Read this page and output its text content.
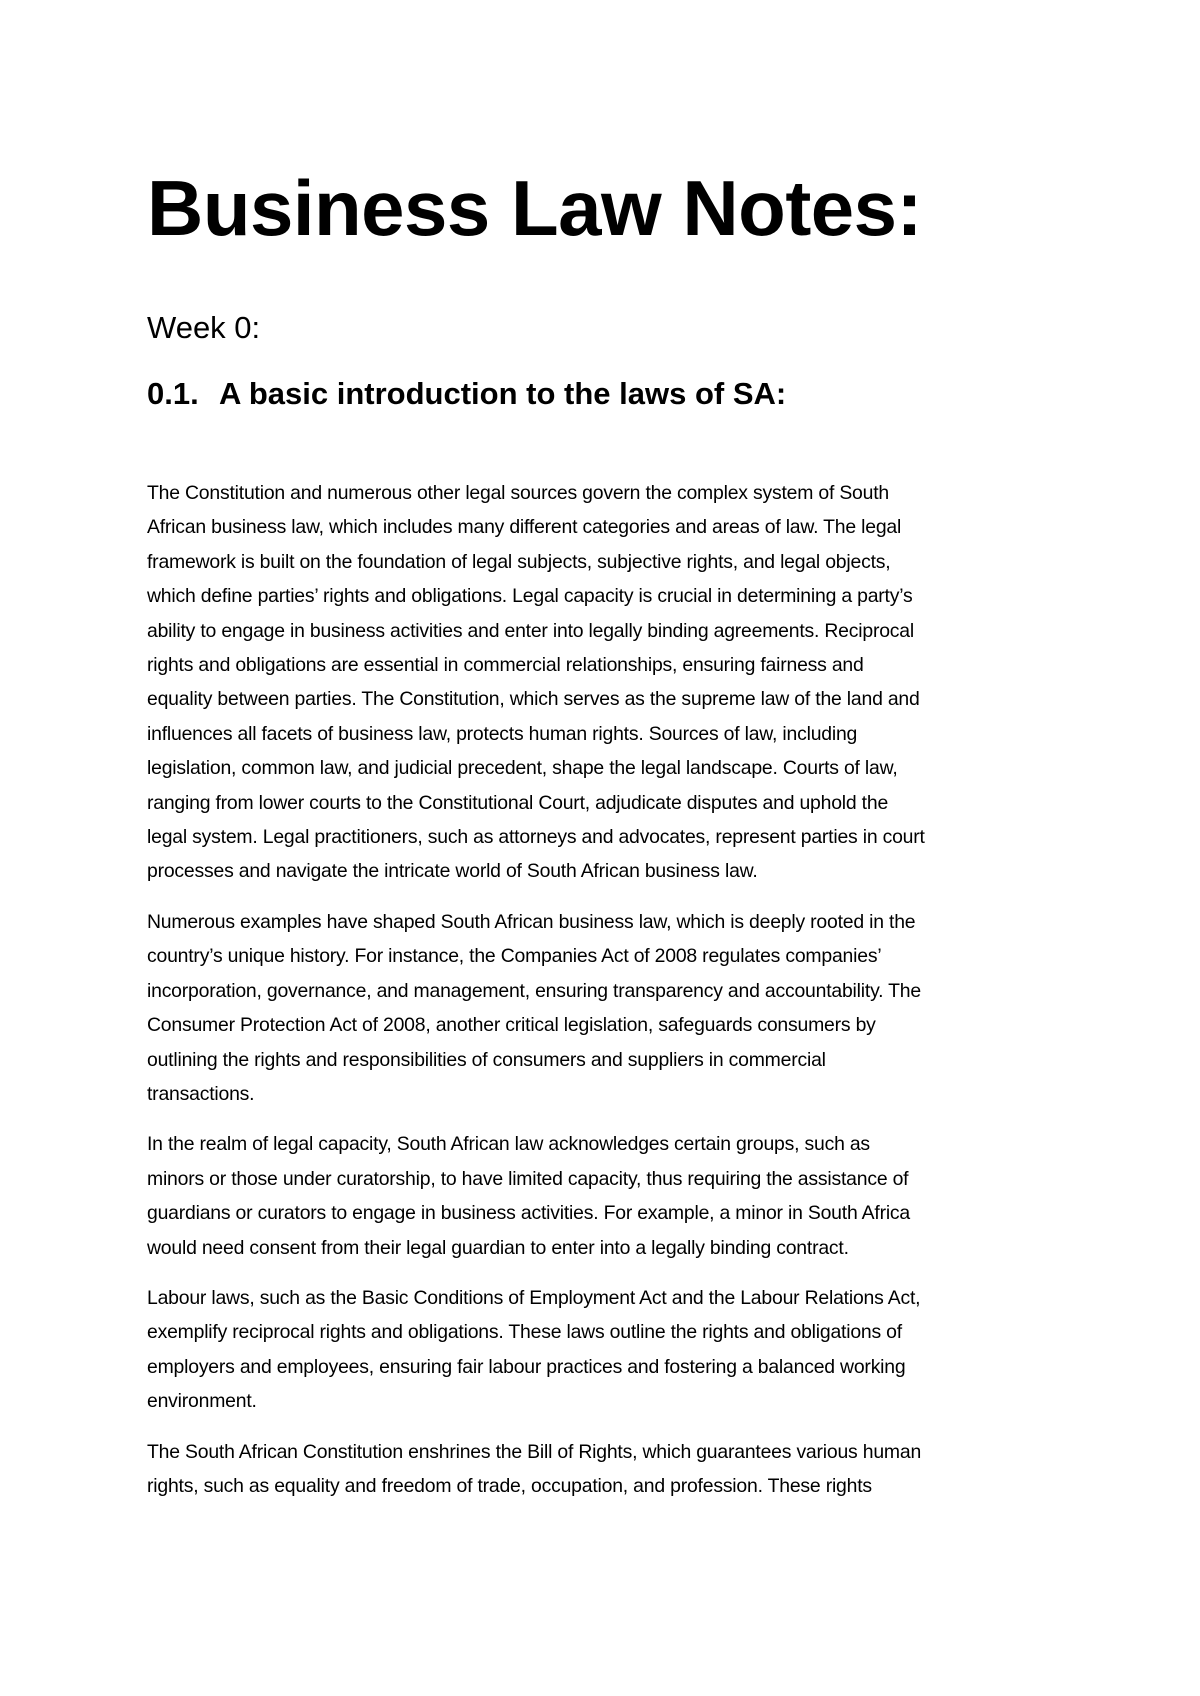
Business Law Notes:
Week 0:
0.1. A basic introduction to the laws of SA:

The Constitution and numerous other legal sources govern the complex system of South
African business law, which includes many different categories and areas of law. The legal
framework is built on the foundation of legal subjects, subjective rights, and legal objects,
which define parties’ rights and obligations. Legal capacity is crucial in determining a party’s
ability to engage in business activities and enter into legally binding agreements. Reciprocal
rights and obligations are essential in commercial relationships, ensuring fairness and
equality between parties. The Constitution, which serves as the supreme law of the land and
influences all facets of business law, protects human rights. Sources of law, including
legislation, common law, and judicial precedent, shape the legal landscape. Courts of law,
ranging from lower courts to the Constitutional Court, adjudicate disputes and uphold the
legal system. Legal practitioners, such as attorneys and advocates, represent parties in court
processes and navigate the intricate world of South African business law.

Numerous examples have shaped South African business law, which is deeply rooted in the
country’s unique history. For instance, the Companies Act of 2008 regulates companies’
incorporation, governance, and management, ensuring transparency and accountability. The
Consumer Protection Act of 2008, another critical legislation, safeguards consumers by
outlining the rights and responsibilities of consumers and suppliers in commercial
transactions.

In the realm of legal capacity, South African law acknowledges certain groups, such as
minors or those under curatorship, to have limited capacity, thus requiring the assistance of
guardians or curators to engage in business activities. For example, a minor in South Africa
would need consent from their legal guardian to enter into a legally binding contract.

Labour laws, such as the Basic Conditions of Employment Act and the Labour Relations Act,
exemplify reciprocal rights and obligations. These laws outline the rights and obligations of
employers and employees, ensuring fair labour practices and fostering a balanced working
environment.

The South African Constitution enshrines the Bill of Rights, which guarantees various human
rights, such as equality and freedom of trade, occupation, and profession. These rights
